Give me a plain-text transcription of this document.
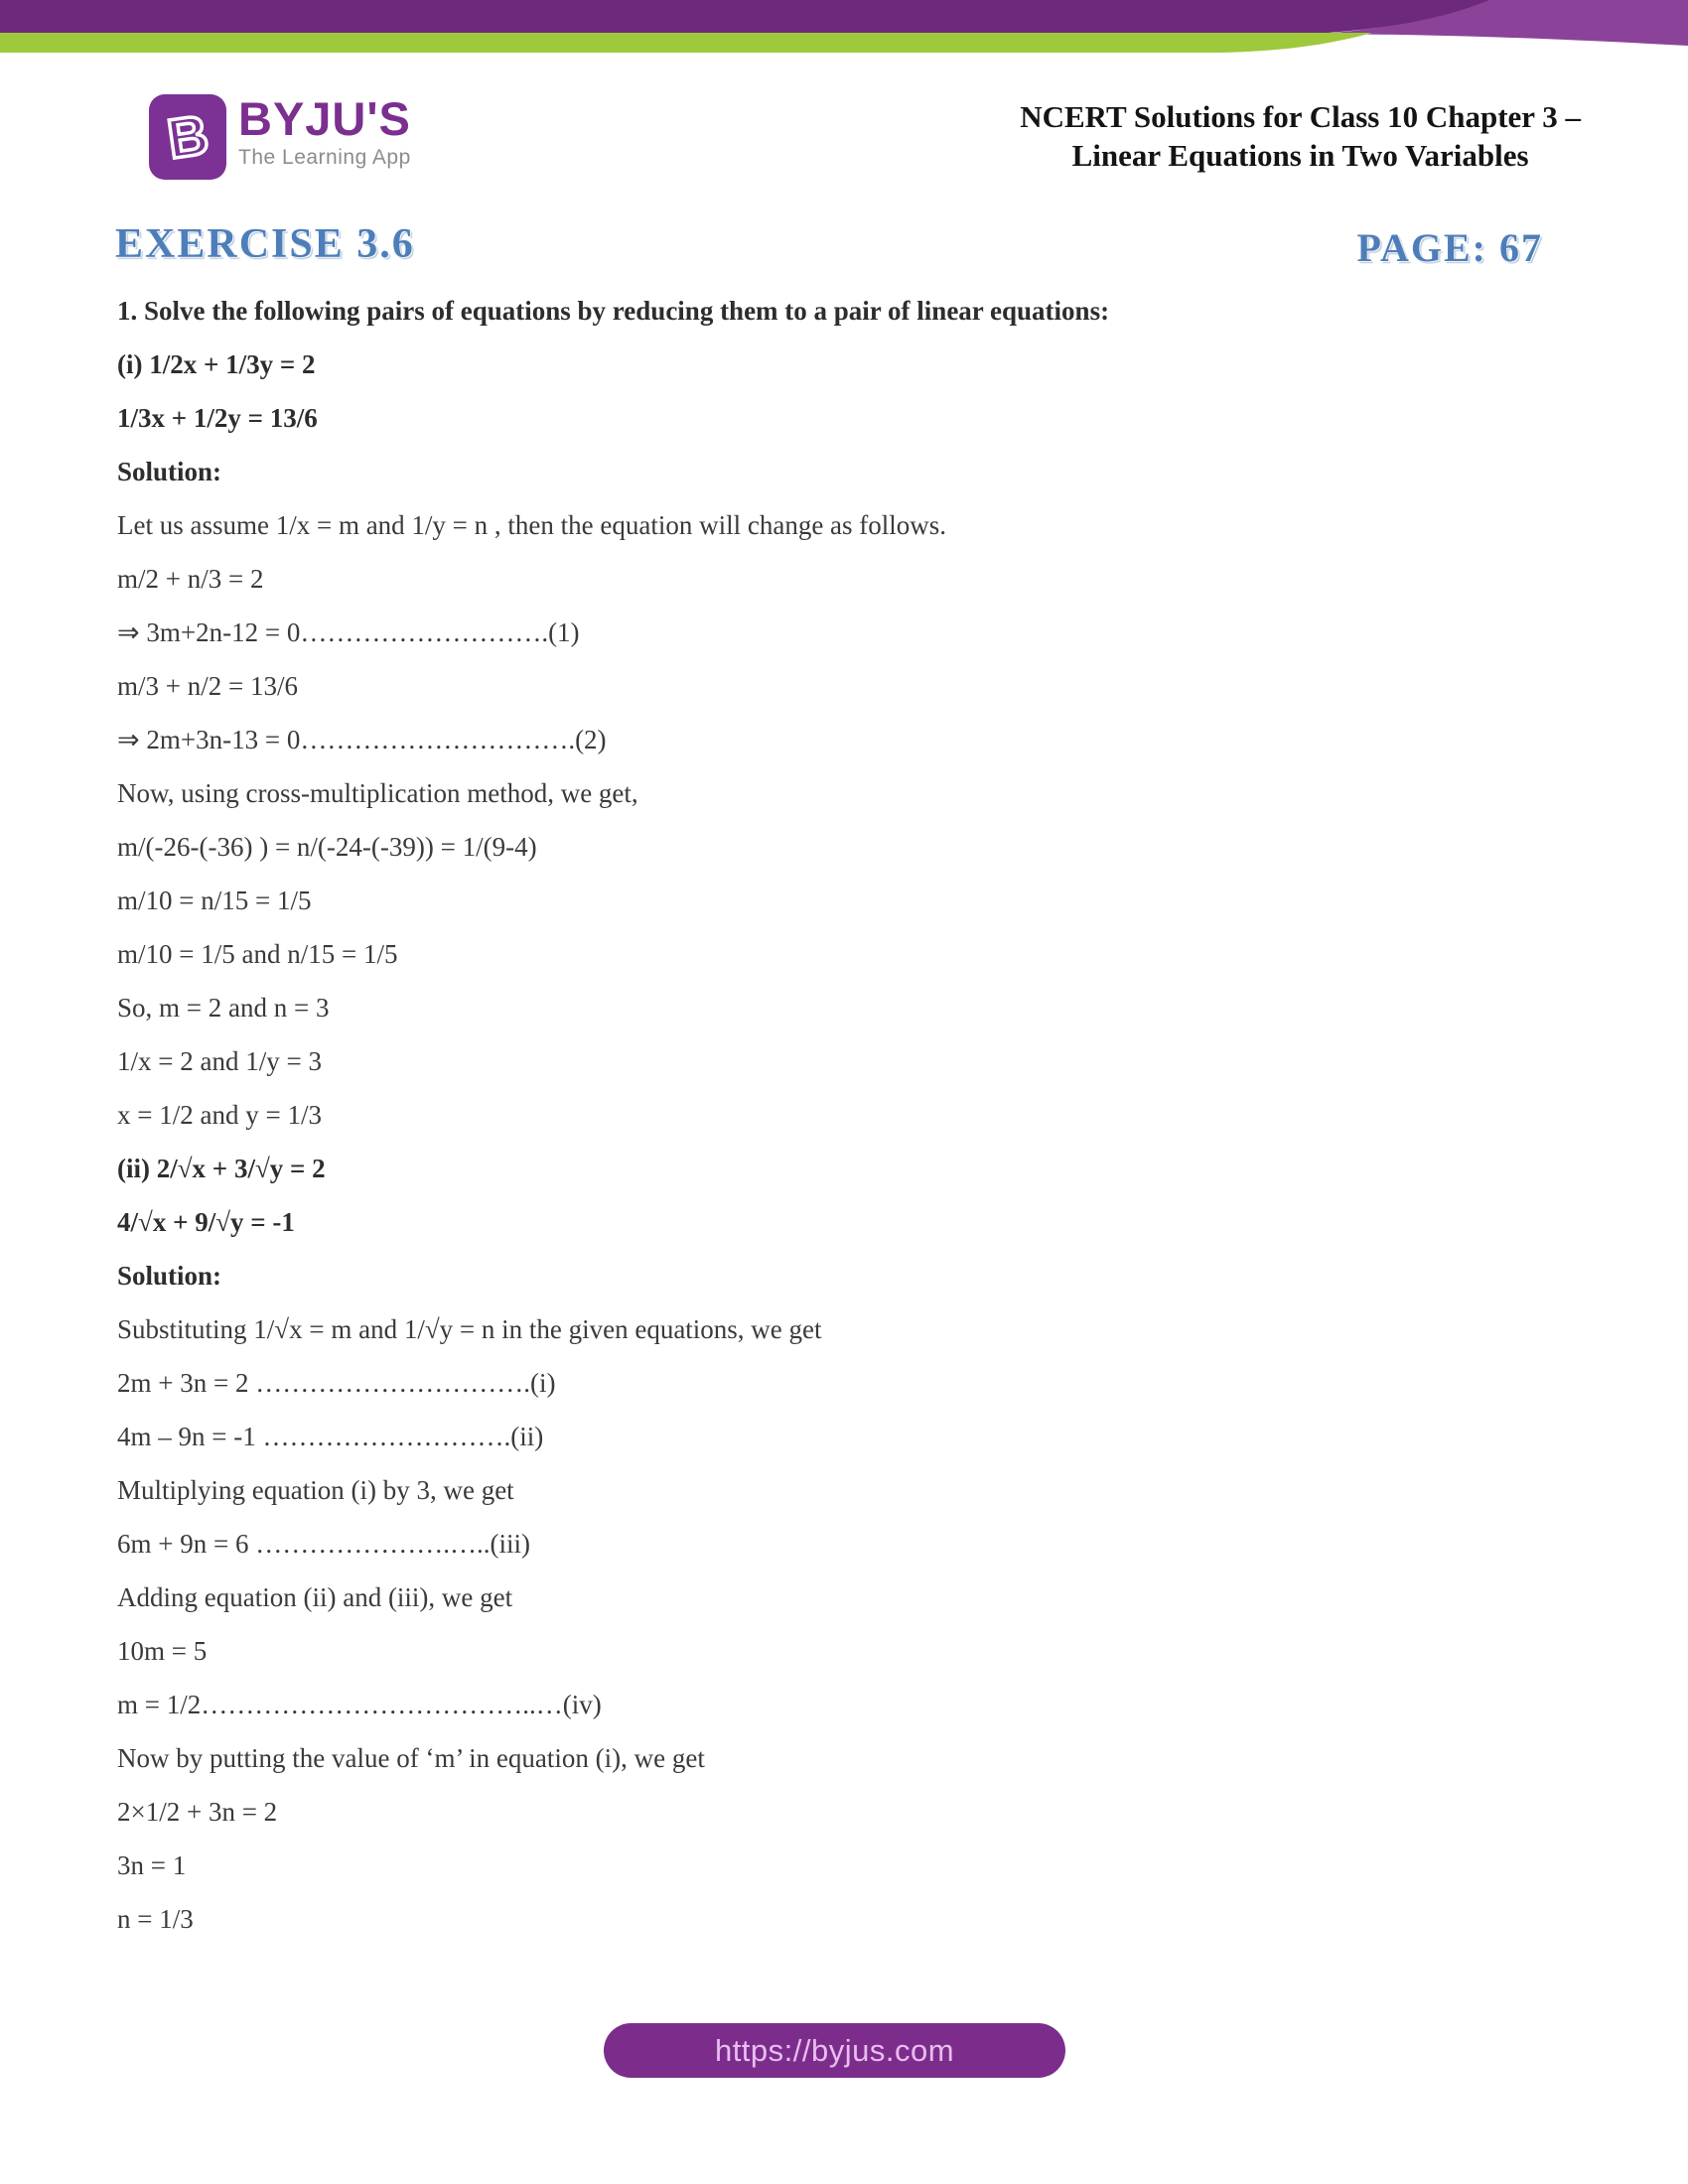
B BYJU'S
The Learning App
NCERT Solutions for Class 10 Chapter 3 –
Linear Equations in Two Variables
EXERCISE 3.6	PAGE: 67

1. Solve the following pairs of equations by reducing them to a pair of linear equations:

(i) 1/2x + 1/3y = 2

1/3x + 1/2y = 13/6

Solution:

Let us assume 1/x = m and 1/y = n , then the equation will change as follows.

m/2 + n/3 = 2

⇒ 3m+2n-12 = 0……………………….(1)

m/3 + n/2 = 13/6

⇒ 2m+3n-13 = 0………………………….(2)

Now, using cross-multiplication method, we get,

m/(-26-(-36) ) = n/(-24-(-39)) = 1/(9-4)

m/10 = n/15 = 1/5

m/10 = 1/5 and n/15 = 1/5

So, m = 2 and n = 3

1/x = 2 and 1/y = 3

x = 1/2 and y = 1/3

(ii) 2/√x + 3/√y = 2

4/√x + 9/√y = -1

Solution:

Substituting 1/√x = m and 1/√y = n in the given equations, we get

2m + 3n = 2 ………………………….(i)

4m – 9n = -1 ……………………….(ii)

Multiplying equation (i) by 3, we get

6m + 9n = 6 ………………….…..(iii)

Adding equation (ii) and (iii), we get

10m = 5

m = 1/2………………………………..…(iv)

Now by putting the value of ‘m’ in equation (i), we get

2×1/2 + 3n = 2

3n = 1

n = 1/3

https://byjus.com
